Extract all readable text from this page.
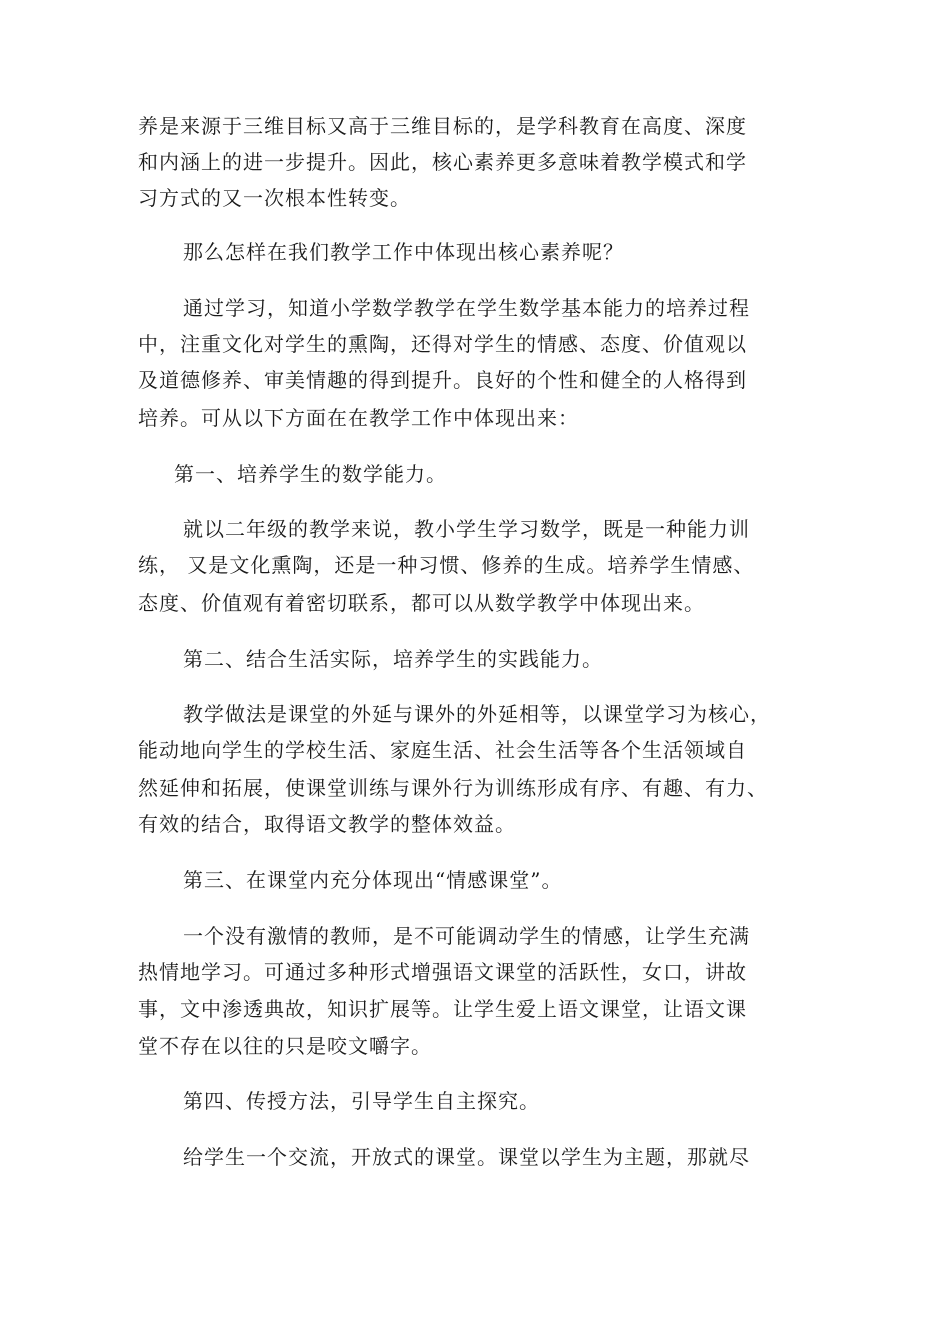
养是来源于三维目标又高于三维目标的，是学科教育在高度、深度
和内涵上的进一步提升。因此，核心素养更多意味着教学模式和学
习方式的又一次根本性转变。
那么怎样在我们教学工作中体现出核心素养呢？
通过学习，知道小学数学教学在学生数学基本能力的培养过程
中，注重文化对学生的熏陶，还得对学生的情感、态度、价值观以
及道德修养、审美情趣的得到提升。良好的个性和健全的人格得到
培养。可从以下方面在在教学工作中体现出来：
第一、培养学生的数学能力。
就以二年级的教学来说，教小学生学习数学，既是一种能力训
练， 又是文化熏陶，还是一种习惯、修养的生成。培养学生情感、
态度、价值观有着密切联系，都可以从数学教学中体现出来。
第二、结合生活实际，培养学生的实践能力。
教学做法是课堂的外延与课外的外延相等，以课堂学习为核心，
能动地向学生的学校生活、家庭生活、社会生活等各个生活领域自
然延伸和拓展，使课堂训练与课外行为训练形成有序、有趣、有力、
有效的结合，取得语文教学的整体效益。
第三、在课堂内充分体现出“情感课堂”。
一个没有激情的教师，是不可能调动学生的情感，让学生充满
热情地学习。可通过多种形式增强语文课堂的活跃性，女口，讲故
事，文中渗透典故，知识扩展等。让学生爱上语文课堂，让语文课
堂不存在以往的只是咬文嚼字。
第四、传授方法，引导学生自主探究。
给学生一个交流，开放式的课堂。课堂以学生为主题，那就尽
